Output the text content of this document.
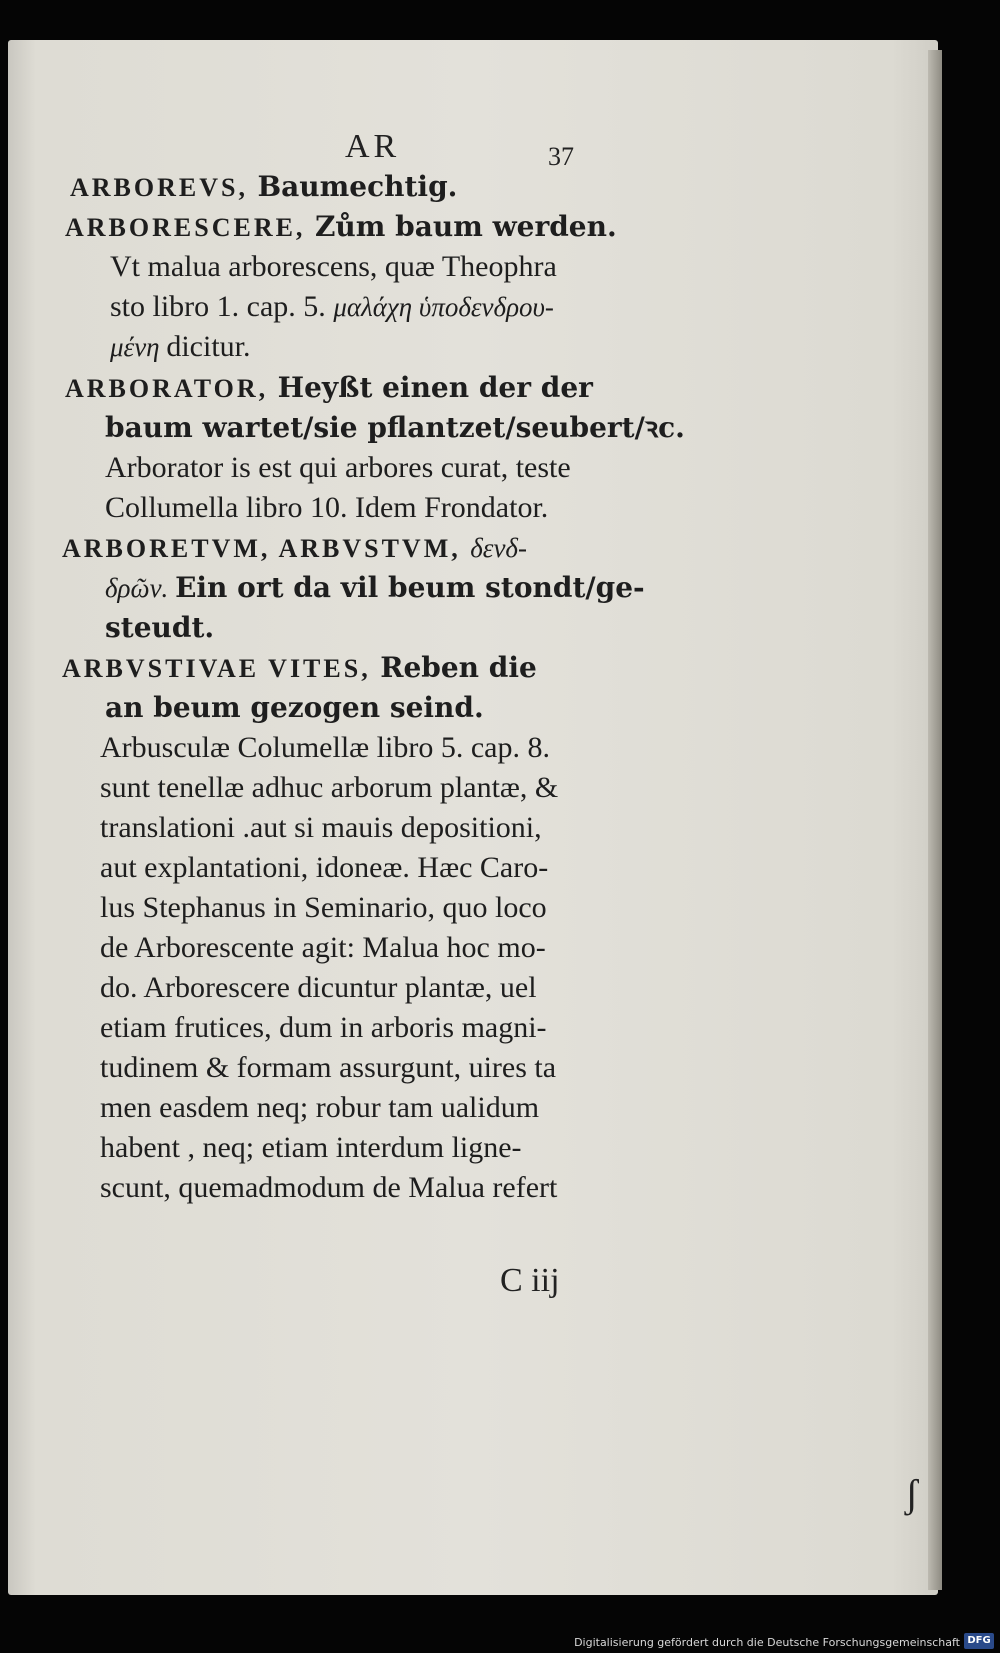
AR	37
ARBOREVS, Baumechtig.
ARBORESCERE, Zům baum werden.
Vt malua arborescens, quæ Theophra
sto libro 1. cap. 5. μαλάχη ὑποδενδρου-
μένη dicitur.
ARBORATOR, Heyßt einen der der
baum wartet/sie pflantzet/seubert/ꝛc.
Arborator is est qui arbores curat, teste
Collumella libro 10. Idem Frondator.
ARBORETVM, ARBVSTVM, δενδ-
δρῶν. Ein ort da vil beum stondt/ge-
steudt.
ARBVSTIVAE VITES, Reben die
an beum gezogen seind.
Arbusculæ Columellæ libro 5. cap. 8.
sunt tenellæ adhuc arborum plantæ, &
translationi .aut si mauis depositioni,
aut explantationi, idoneæ. Hæc Caro-
lus Stephanus in Seminario, quo loco
de Arborescente agit: Malua hoc mo-
do. Arborescere dicuntur plantæ, uel
etiam frutices, dum in arboris magni-
tudinem & formam assurgunt, uires ta
men easdem neq; robur tam ualidum
habent , neq; etiam interdum ligne-
scunt, quemadmodum de Malua refert
C iij
ʃ
Digitalisierung gefördert durch die Deutsche Forschungsgemeinschaft DFG
